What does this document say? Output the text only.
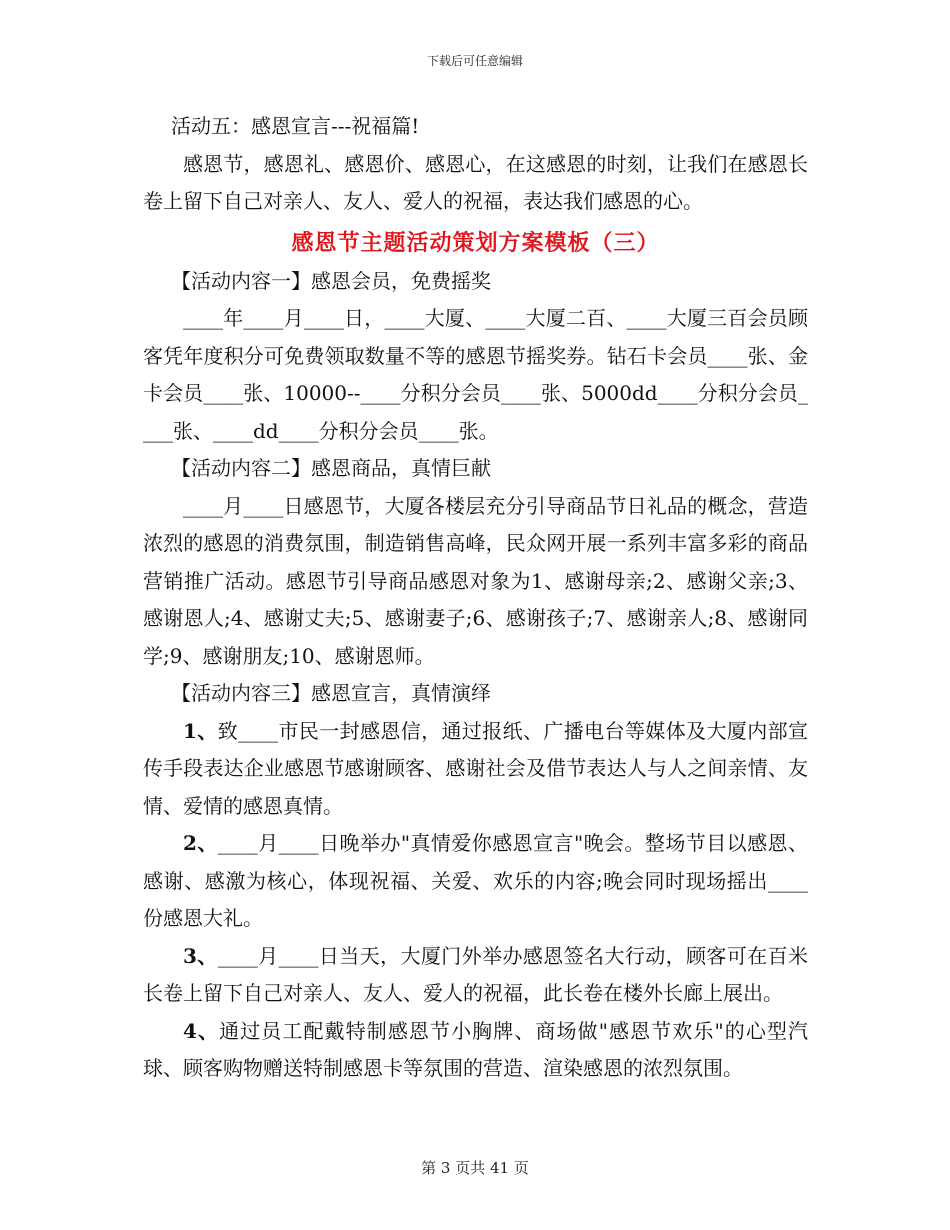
下载后可任意编辑

活动五：感恩宣言---祝福篇!

感恩节，感恩礼、感恩价、感恩心，在这感恩的时刻，让我们在感恩长卷上留下自己对亲人、友人、爱人的祝福，表达我们感恩的心。

感恩节主题活动策划方案模板（三）

【活动内容一】感恩会员，免费摇奖

____年____月____日，____大厦、____大厦二百、____大厦三百会员顾客凭年度积分可免费领取数量不等的感恩节摇奖券。钻石卡会员____张、金卡会员____张、10000--____分积分会员____张、5000dd____分积分会员____张、____dd____分积分会员____张。

【活动内容二】感恩商品，真情巨献

____月____日感恩节，大厦各楼层充分引导商品节日礼品的概念，营造浓烈的感恩的消费氛围，制造销售高峰，民众网开展一系列丰富多彩的商品营销推广活动。感恩节引导商品感恩对象为1、感谢母亲;2、感谢父亲;3、感谢恩人;4、感谢丈夫;5、感谢妻子;6、感谢孩子;7、感谢亲人;8、感谢同学;9、感谢朋友;10、感谢恩师。

【活动内容三】感恩宣言，真情演绎

1、致____市民一封感恩信，通过报纸、广播电台等媒体及大厦内部宣传手段表达企业感恩节感谢顾客、感谢社会及借节表达人与人之间亲情、友情、爱情的感恩真情。

2、____月____日晚举办"真情爱你感恩宣言"晚会。整场节目以感恩、感谢、感激为核心，体现祝福、关爱、欢乐的内容;晚会同时现场摇出____份感恩大礼。

3、____月____日当天，大厦门外举办感恩签名大行动，顾客可在百米长卷上留下自己对亲人、友人、爱人的祝福，此长卷在楼外长廊上展出。

4、通过员工配戴特制感恩节小胸牌、商场做"感恩节欢乐"的心型汽球、顾客购物赠送特制感恩卡等氛围的营造、渲染感恩的浓烈氛围。

第 3 页共 41 页
